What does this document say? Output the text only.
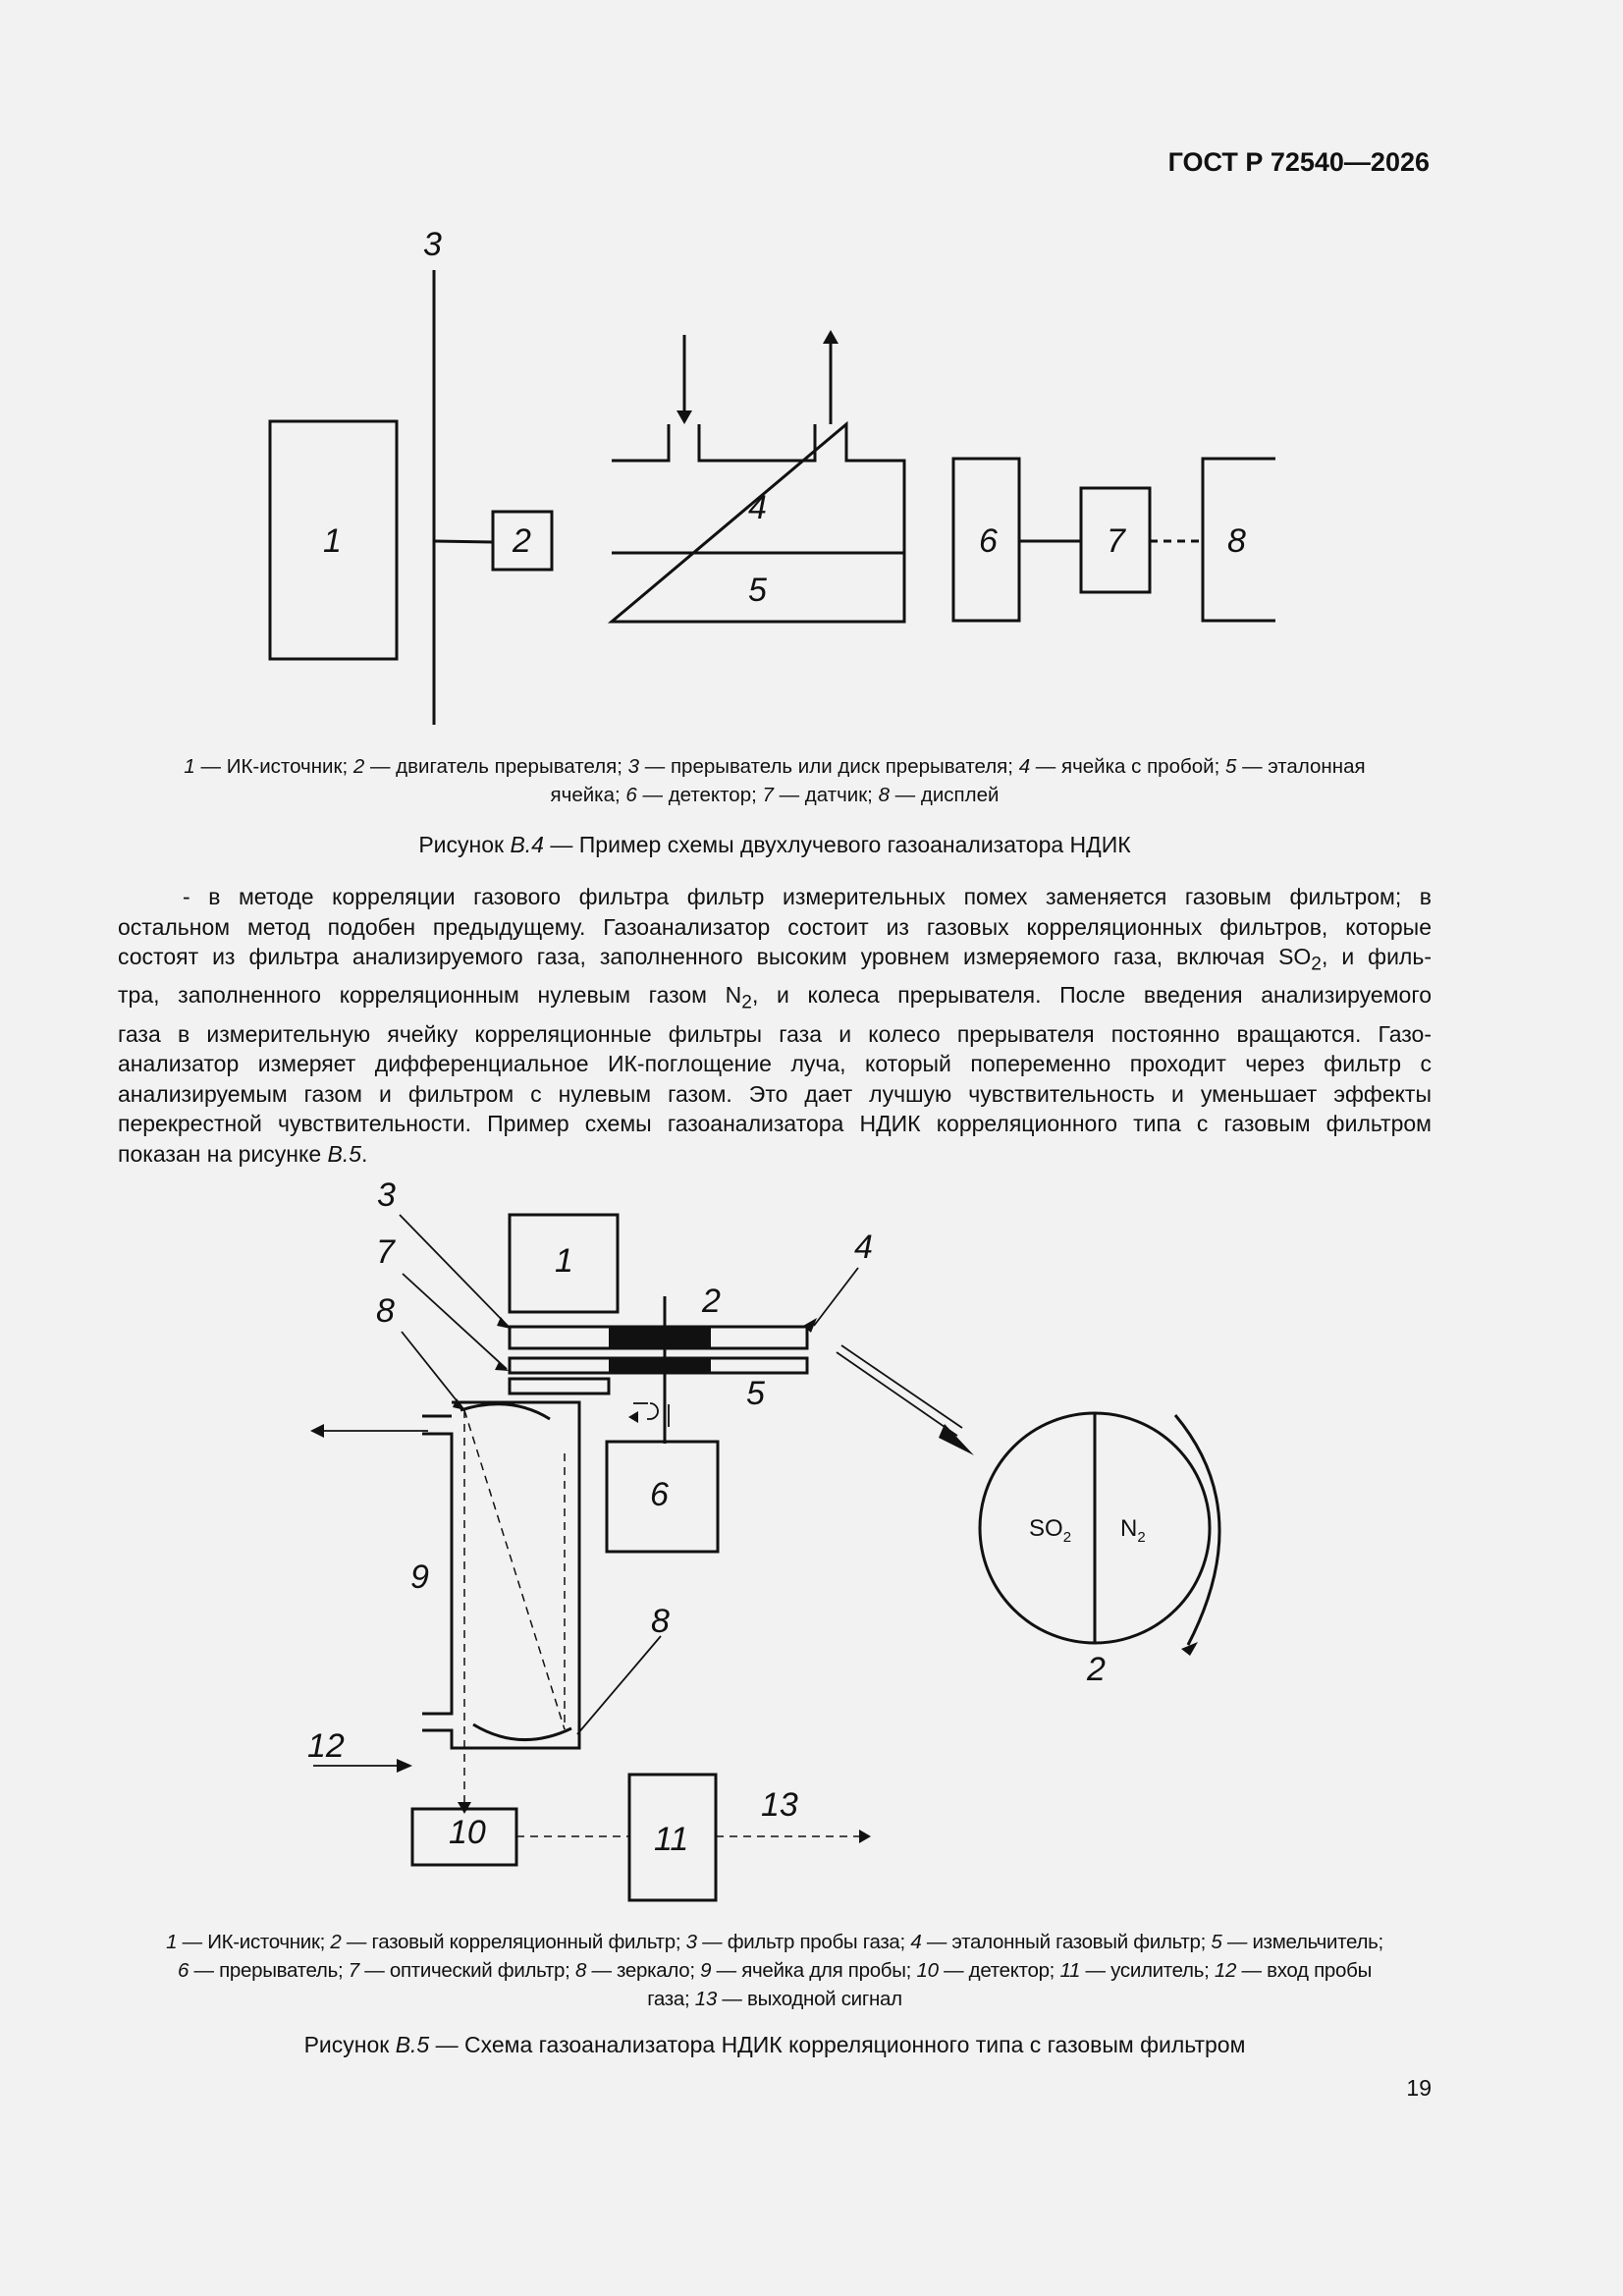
ГОСТ Р 72540—2026
3
1	2
4
5
6	7	8
1 — ИК-источник; 2 — двигатель прерывателя; 3 — прерыватель или диск прерывателя; 4 — ячейка с пробой; 5 — эталонная
ячейка; 6 — детектор; 7 — датчик; 8 — дисплей
Рисунок В.4 — Пример схемы двухлучевого газоанализатора НДИК
- в методе корреляции газового фильтра фильтр измерительных помех заменяется газовым фильтром; в
остальном метод подобен предыдущему. Газоанализатор состоит из газовых корреляционных фильтров, которые
состоят из фильтра анализируемого газа, заполненного высоким уровнем измеряемого газа, включая $SO_2$, и филь-
тра, заполненного корреляционным нулевым газом $N_2$, и колеса прерывателя. После введения анализируемого
газа в измерительную ячейку корреляционные фильтры газа и колесо прерывателя постоянно вращаются. Газо-
анализатор измеряет дифференциальное ИК-поглощение луча, который попеременно проходит через фильтр с
анализируемым газом и фильтром с нулевым газом. Это дает лучшую чувствительность и уменьшает эффекты
перекрестной чувствительности. Пример схемы газоанализатора НДИК корреляционного типа с газовым фильтром
показан на рисунке В.5.
3
7
8
1
2
4
5
6
9
8
12
10	11
13
2
$SO_2$ $N_2$
1 — ИК-источник; 2 — газовый корреляционный фильтр; 3 — фильтр пробы газа; 4 — эталонный газовый фильтр; 5 — измельчитель;
6 — прерыватель; 7 — оптический фильтр; 8 — зеркало; 9 — ячейка для пробы; 10 — детектор; 11 — усилитель; 12 — вход пробы
газа; 13 — выходной сигнал
Рисунок В.5 — Схема газоанализатора НДИК корреляционного типа с газовым фильтром
19
